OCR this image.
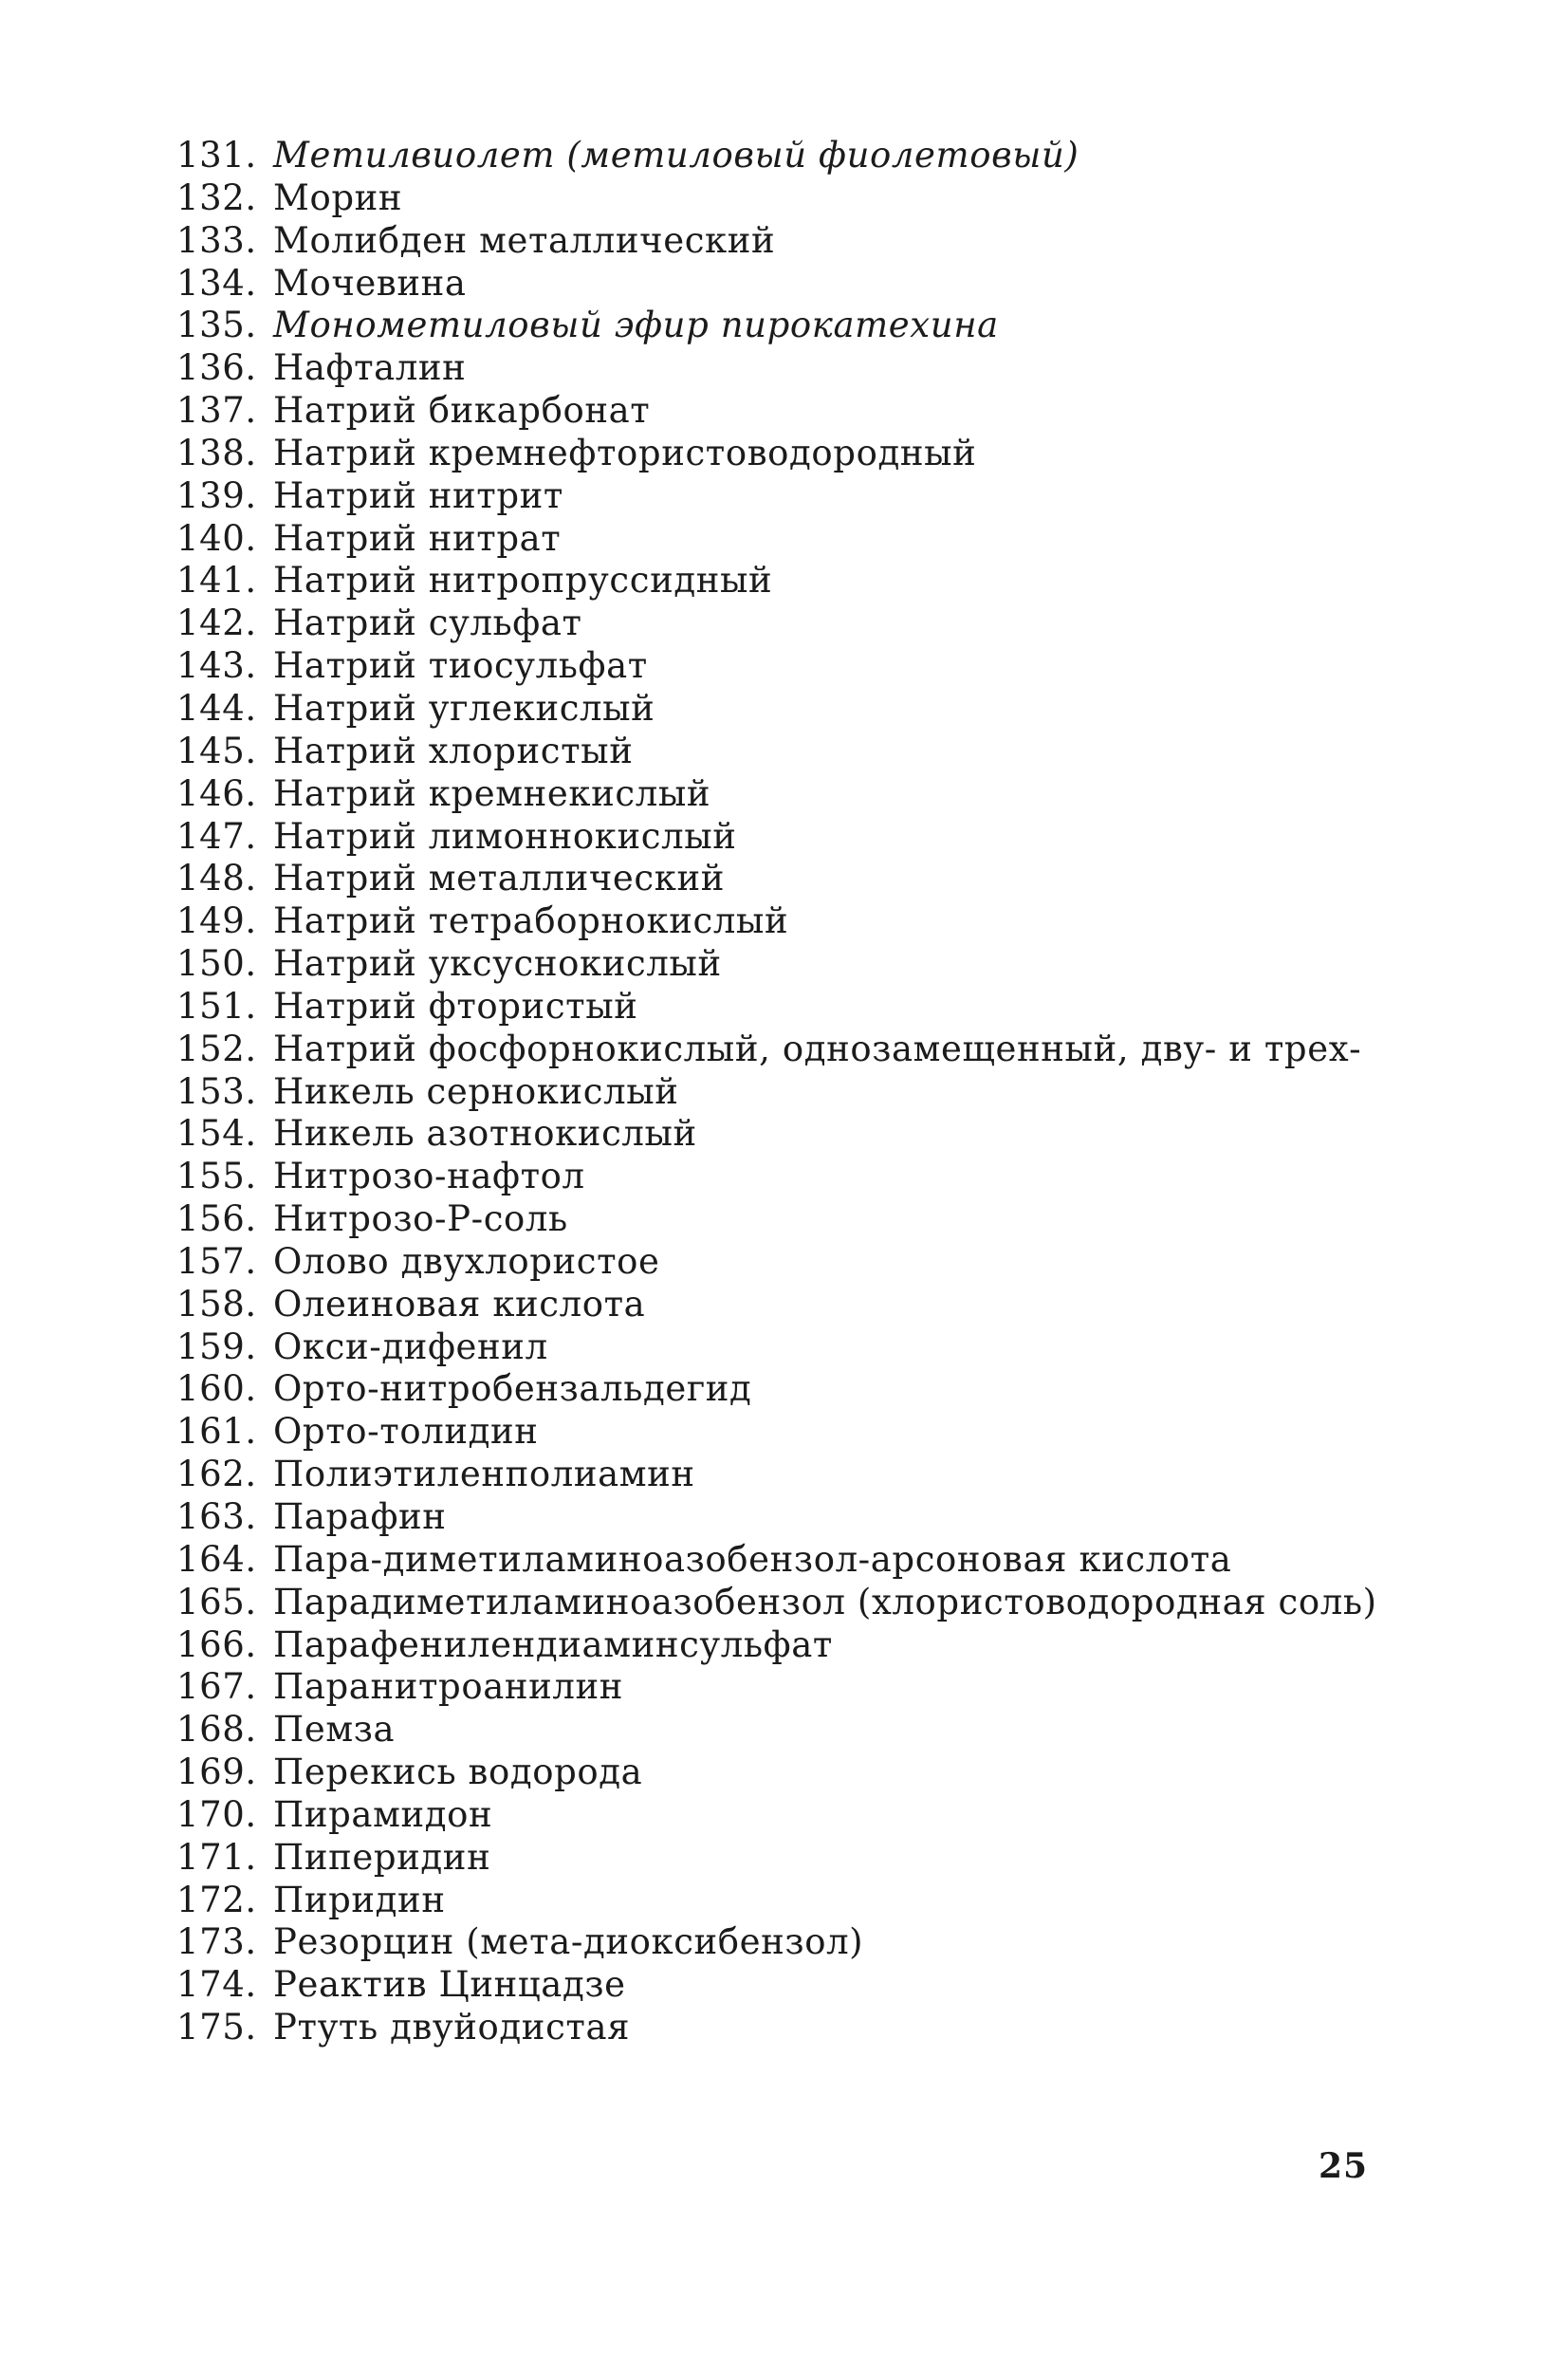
131. Метилвиолет (метиловый фиолетовый)
132. Морин
133. Молибден металлический
134. Мочевина
135. Монометиловый эфир пирокатехина
136. Нафталин
137. Натрий бикарбонат
138. Натрий кремнефтористоводородный
139. Натрий нитрит
140. Натрий нитрат
141. Натрий нитропруссидный
142. Натрий сульфат
143. Натрий тиосульфат
144. Натрий углекислый
145. Натрий хлористый
146. Натрий кремнекислый
147. Натрий лимоннокислый
148. Натрий металлический
149. Натрий тетраборнокислый
150. Натрий уксуснокислый
151. Натрий фтористый
152. Натрий фосфорнокислый, однозамещенный, дву- и трех-
153. Никель сернокислый
154. Никель азотнокислый
155. Нитрозо-нафтол
156. Нитрозо-Р-соль
157. Олово двухлористое
158. Олеиновая кислота
159. Окси-дифенил
160. Орто-нитробензальдегид
161. Орто-толидин
162. Полиэтиленполиамин
163. Парафин
164. Пара-диметиламиноазобензол-арсоновая кислота
165. Парадиметиламиноазобензол (хлористоводородная соль)
166. Парафенилендиаминсульфат
167. Паранитроанилин
168. Пемза
169. Перекись водорода
170. Пирамидон
171. Пиперидин
172. Пиридин
173. Резорцин (мета-диоксибензол)
174. Реактив Цинцадзе
175. Ртуть двуйодистая
25
